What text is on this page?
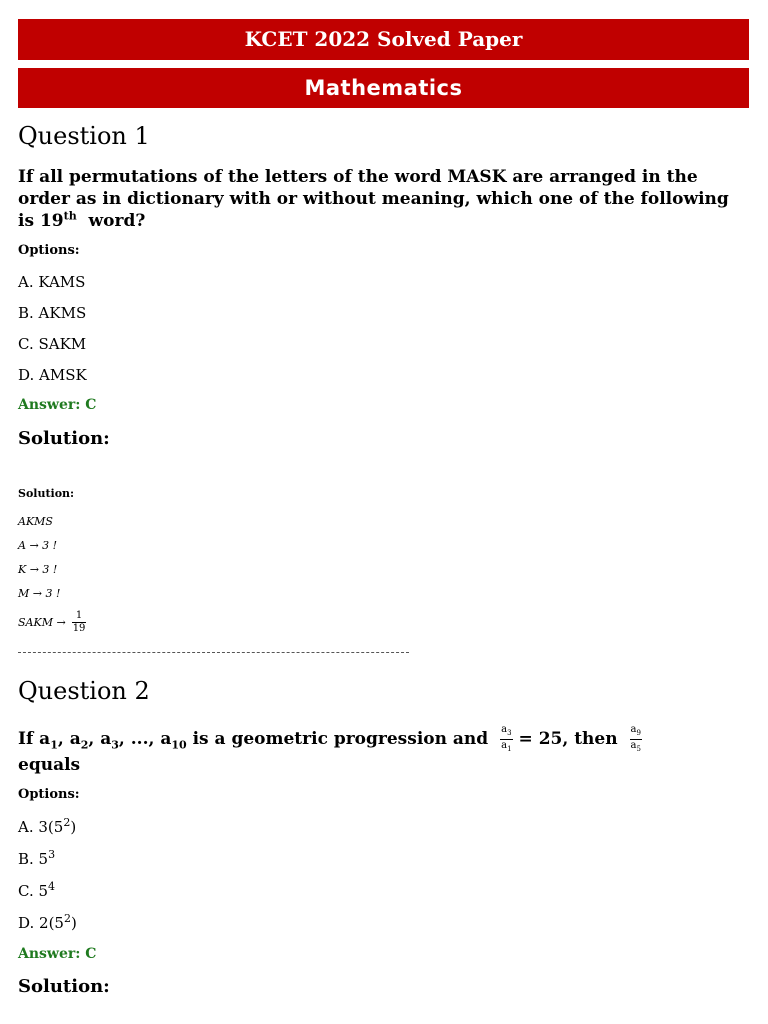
KCET 2022 Solved Paper
Mathematics
Question 1
If all permutations of the letters of the word MASK are arranged in the order as in dictionary with or without meaning, which one of the following is 19th word?
Options:
A. KAMS
B. AKMS
C. SAKM
D. AMSK
Answer: C
Solution:
Solution:
AKMS
A → 3 !
K → 3 !
M → 3 !
SAKM → $\frac{1}{19}$
Question 2
If $a_1$, $a_2$, $a_3$, ..., $a_{10}$ is a geometric progression and $\frac{a_3}{a_1} = 25$, then $\frac{a_9}{a_5}$
equals
Options:
A. $3(5^2)$
B. $5^3$
C. $5^4$
D. $2(5^2)$
Answer: C
Solution:
